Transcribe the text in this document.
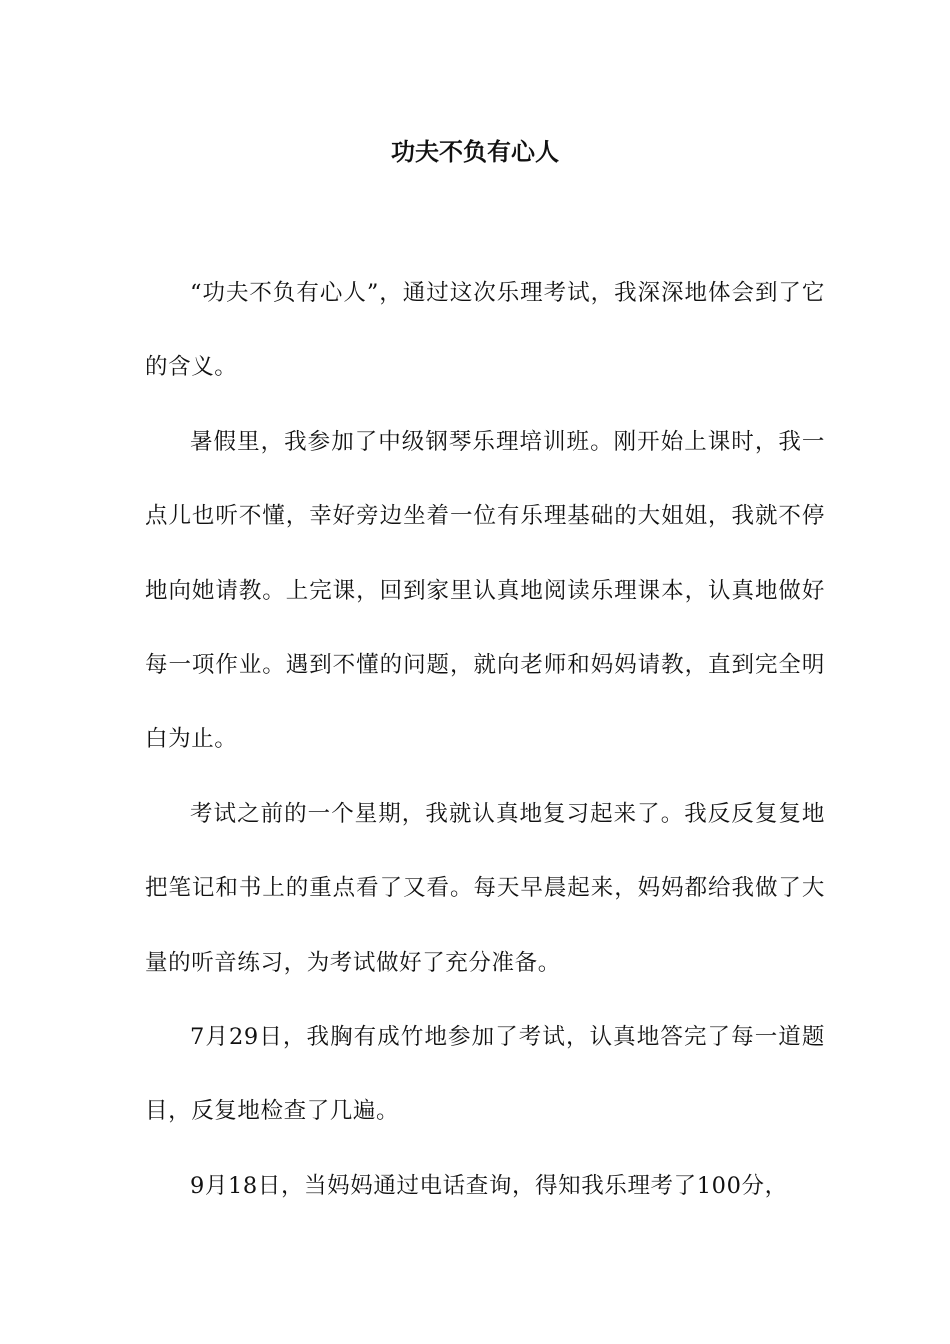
功夫不负有心人

“功夫不负有心人”，通过这次乐理考试，我深深地体会到了它的含义。

暑假里，我参加了中级钢琴乐理培训班。刚开始上课时，我一点儿也听不懂，幸好旁边坐着一位有乐理基础的大姐姐，我就不停地向她请教。上完课，回到家里认真地阅读乐理课本，认真地做好每一项作业。遇到不懂的问题，就向老师和妈妈请教，直到完全明白为止。

考试之前的一个星期，我就认真地复习起来了。我反反复复地把笔记和书上的重点看了又看。每天早晨起来，妈妈都给我做了大量的听音练习，为考试做好了充分准备。

7月29日，我胸有成竹地参加了考试，认真地答完了每一道题目，反复地检查了几遍。

9月18日，当妈妈通过电话查询，得知我乐理考了100分，
